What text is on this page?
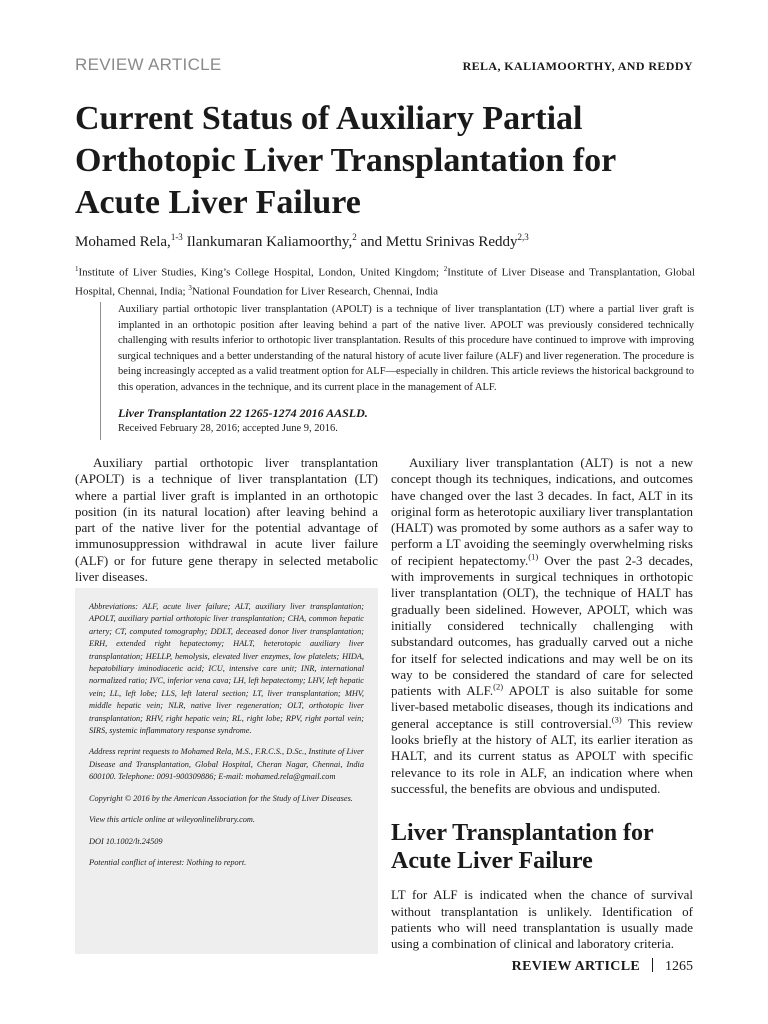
REVIEW ARTICLE	RELA, KALIAMOORTHY, AND REDDY
Current Status of Auxiliary Partial
Orthotopic Liver Transplantation for
Acute Liver Failure
Mohamed Rela,$^{1-3}$ Ilankumaran Kaliamoorthy,$^2$ and Mettu Srinivas Reddy$^{2,3}$
$^1$Institute of Liver Studies, King’s College Hospital, London, United Kingdom; $^2$Institute of Liver Disease and Transplantation, Global Hospital, Chennai, India; $^3$National Foundation for Liver Research, Chennai, India

Auxiliary partial orthotopic liver transplantation (APOLT) is a technique of liver transplantation (LT) where a partial liver graft is implanted in an orthotopic position after leaving behind a part of the native liver. APOLT was previously considered technically challenging with results inferior to orthotopic liver transplantation. Results of this procedure have continued to improve with improving surgical techniques and a better understanding of the natural history of acute liver failure (ALF) and liver regeneration. The procedure is being increasingly accepted as a valid treatment option for ALF—especially in children. This article reviews the historical background to this operation, advances in the technique, and its current place in the management of ALF.

Liver Transplantation 22 1265-1274 2016 AASLD.

Received February 28, 2016; accepted June 9, 2016.

Auxiliary partial orthotopic liver transplantation (APOLT) is a technique of liver transplantation (LT) where a partial liver graft is implanted in an orthotopic position (in its natural location) after leaving behind a part of the native liver for the potential advantage of immunosuppression withdrawal in acute liver failure (ALF) or for future gene therapy in selected metabolic liver diseases.

Abbreviations: ALF, acute liver failure; ALT, auxiliary liver transplantation; APOLT, auxiliary partial orthotopic liver transplantation; CHA, common hepatic artery; CT, computed tomography; DDLT, deceased donor liver transplantation; ERH, extended right hepatectomy; HALT, heterotopic auxiliary liver transplantation; HELLP, hemolysis, elevated liver enzymes, low platelets; HIDA, hepatobiliary iminodiacetic acid; ICU, intensive care unit; INR, international normalized ratio; IVC, inferior vena cava; LH, left hepatectomy; LHV, left hepatic vein; LL, left lobe; LLS, left lateral section; LT, liver transplantation; MHV, middle hepatic vein; NLR, native liver regeneration; OLT, orthotopic liver transplantation; RHV, right hepatic vein; RL, right lobe; RPV, right portal vein; SIRS, systemic inflammatory response syndrome.

Address reprint requests to Mohamed Rela, M.S., F.R.C.S., D.Sc., Institute of Liver Disease and Transplantation, Global Hospital, Cheran Nagar, Chennai, India 600100. Telephone: 0091-900309886; E-mail: mohamed.rela@gmail.com

Copyright © 2016 by the American Association for the Study of Liver Diseases.

View this article online at wileyonlinelibrary.com.

DOI 10.1002/lt.24509

Potential conflict of interest: Nothing to report.

Auxiliary liver transplantation (ALT) is not a new concept though its techniques, indications, and outcomes have changed over the last 3 decades. In fact, ALT in its original form as heterotopic auxiliary liver transplantation (HALT) was promoted by some authors as a safer way to perform a LT avoiding the seemingly overwhelming risks of recipient hepatectomy.$^{(1)}$ Over the past 2-3 decades, with improvements in surgical techniques in orthotopic liver transplantation (OLT), the technique of HALT has gradually been sidelined. However, APOLT, which was initially considered technically challenging with substandard outcomes, has gradually carved out a niche for itself for selected indications and may well be on its way to be considered the standard of care for selected patients with ALF.$^{(2)}$ APOLT is also suitable for some liver-based metabolic diseases, though its indications and general acceptance is still controversial.$^{(3)}$ This review looks briefly at the history of ALT, its earlier iteration as HALT, and its current status as APOLT with specific relevance to its role in ALF, an indication where when successful, the benefits are obvious and undisputed.

Liver Transplantation for
Acute Liver Failure

LT for ALF is indicated when the chance of survival without transplantation is unlikely. Identification of patients who will need transplantation is usually made using a combination of clinical and laboratory criteria.

REVIEW ARTICLE 1265
